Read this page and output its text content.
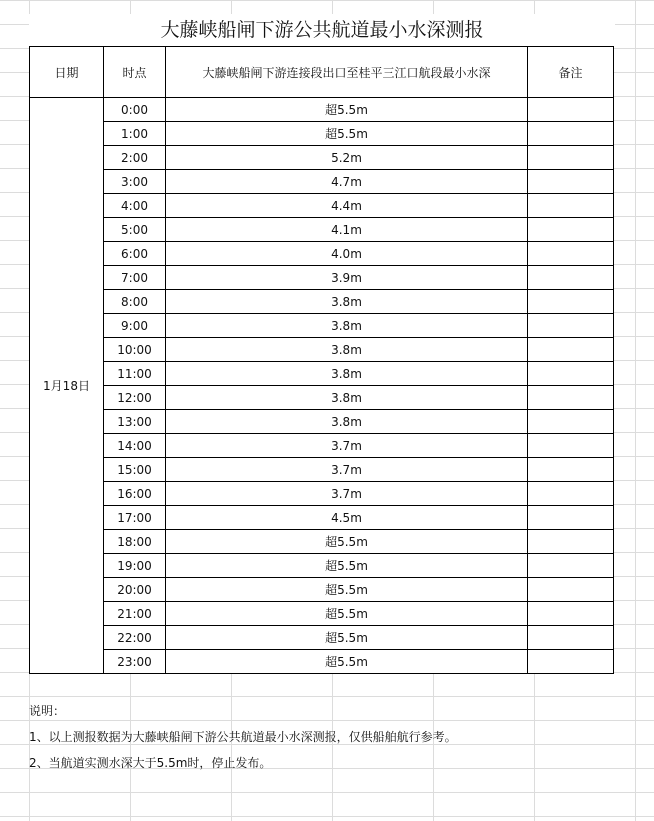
大藤峡船闸下游公共航道最小水深测报
日期	时点	大藤峡船闸下游连接段出口至桂平三江口航段最小水深	备注
1月18日	0:00	超5.5m	
	1:00	超5.5m	
	2:00	5.2m	
	3:00	4.7m	
	4:00	4.4m	
	5:00	4.1m	
	6:00	4.0m	
	7:00	3.9m	
	8:00	3.8m	
	9:00	3.8m	
	10:00	3.8m	
	11:00	3.8m	
	12:00	3.8m	
	13:00	3.8m	
	14:00	3.7m	
	15:00	3.7m	
	16:00	3.7m	
	17:00	4.5m	
	18:00	超5.5m	
	19:00	超5.5m	
	20:00	超5.5m	
	21:00	超5.5m	
	22:00	超5.5m	
	23:00	超5.5m	
说明：
1、以上测报数据为大藤峡船闸下游公共航道最小水深测报，仅供船舶航行参考。
2、当航道实测水深大于5.5m时，停止发布。
